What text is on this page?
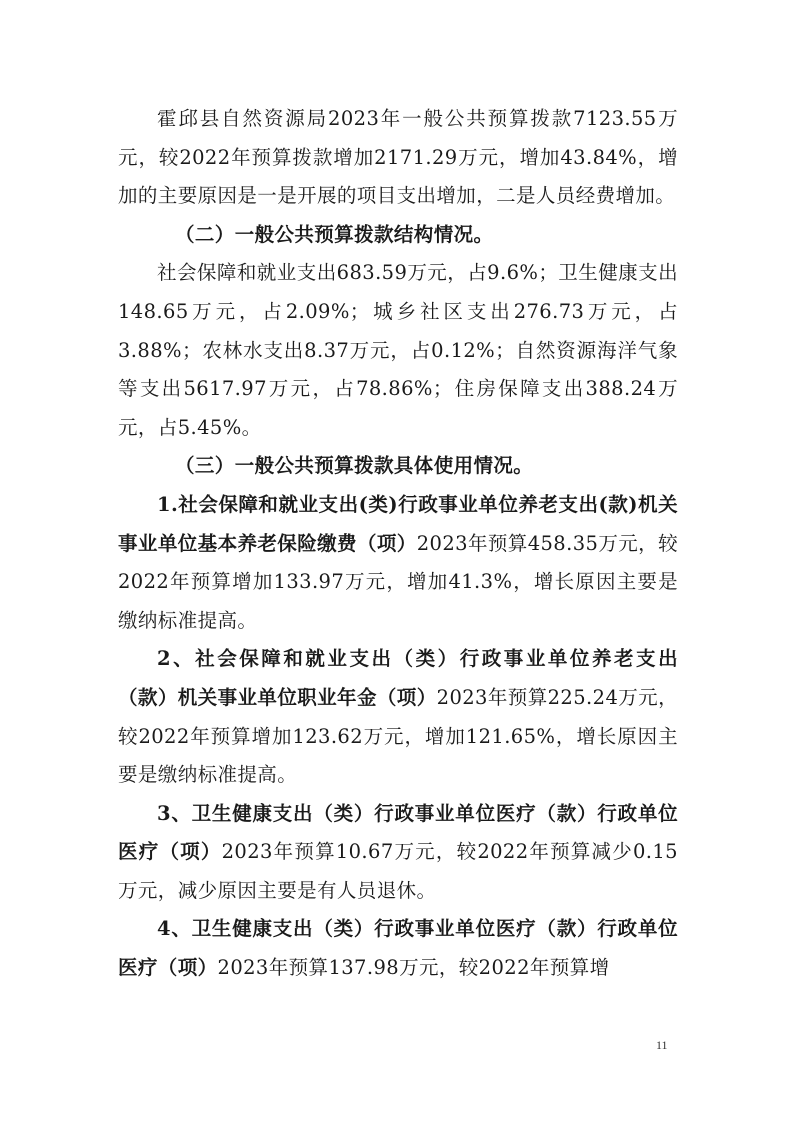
霍邱县自然资源局2023年一般公共预算拨款7123.55万元，较2022年预算拨款增加2171.29万元，增加43.84%，增加的主要原因是一是开展的项目支出增加，二是人员经费增加。

（二）一般公共预算拨款结构情况。

社会保障和就业支出683.59万元，占9.6%；卫生健康支出148.65万元，占2.09%；城乡社区支出276.73万元，占3.88%；农林水支出8.37万元，占0.12%；自然资源海洋气象等支出5617.97万元，占78.86%；住房保障支出388.24万元，占5.45%。

（三）一般公共预算拨款具体使用情况。

1.社会保障和就业支出(类)行政事业单位养老支出(款)机关事业单位基本养老保险缴费（项）2023年预算458.35万元，较2022年预算增加133.97万元，增加41.3%，增长原因主要是缴纳标准提高。

2、社会保障和就业支出（类）行政事业单位养老支出（款）机关事业单位职业年金（项）2023年预算225.24万元，较2022年预算增加123.62万元，增加121.65%，增长原因主要是缴纳标准提高。

3、卫生健康支出（类）行政事业单位医疗（款）行政单位医疗（项）2023年预算10.67万元，较2022年预算减少0.15万元，减少原因主要是有人员退休。

4、卫生健康支出（类）行政事业单位医疗（款）行政单位医疗（项）2023年预算137.98万元，较2022年预算增

11
